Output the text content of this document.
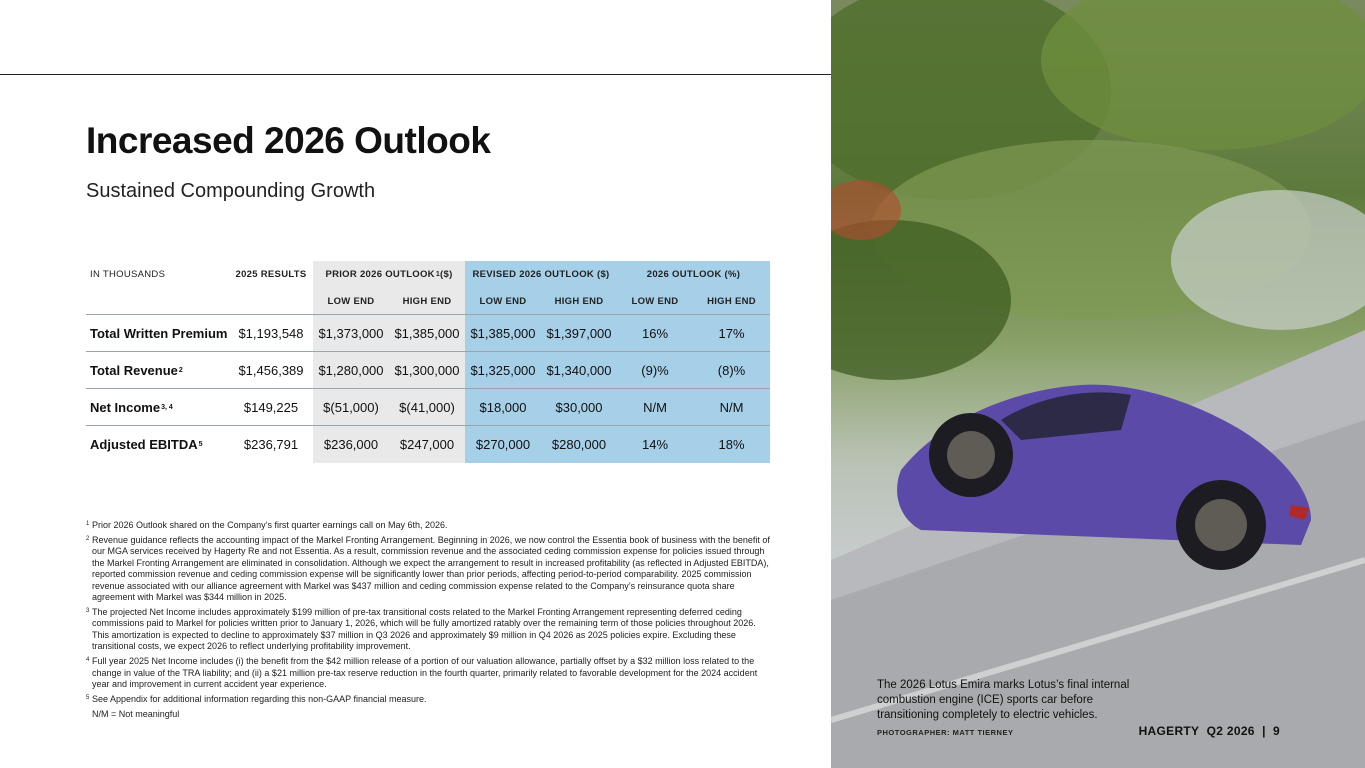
Increased 2026 Outlook
Sustained Compounding Growth
IN THOUSANDS	2025 RESULTS	PRIOR 2026 OUTLOOK 1 ($)	REVISED 2026 OUTLOOK ($)	2026 OUTLOOK (%)
LOW END	HIGH END	LOW END	HIGH END	LOW END	HIGH END
Total Written Premium $1,193,548	$1,373,000 $1,385,000 $1,385,000 $1,397,000	16%	17%
Total Revenue 2	$1,456,389	$1,280,000 $1,300,000 $1,325,000 $1,340,000	(9)%	(8)%
Net Income 3, 4	$149,225	$(51,000)	$(41,000)	$18,000	$30,000	N/M	N/M
Adjusted EBITDA 5	$236,791	$236,000	$247,000	$270,000	$280,000	14%	18%
1 Prior 2026 Outlook shared on the Company’s first quarter earnings call on May 6th, 2026.
2 Revenue guidance reflects the accounting impact of the Markel Fronting Arrangement. Beginning in 2026, we now control the Essentia book of business with the benefit of our MGA services received by Hagerty Re and not Essentia. As a result, commission revenue and the associated ceding commission expense for policies issued through the Markel Fronting Arrangement are eliminated in consolidation. Although we expect the arrangement to result in increased profitability (as reflected in Adjusted EBITDA), reported commission revenue and ceding commission expense will be significantly lower than prior periods, affecting period-to-period comparability. 2025 commission revenue associated with our alliance agreement with Markel was $437 million and ceding commission expense related to the Company’s reinsurance quota share agreement with Markel was $344 million in 2025.
3 The projected Net Income includes approximately $199 million of pre-tax transitional costs related to the Markel Fronting Arrangement representing deferred ceding commissions paid to Markel for policies written prior to January 1, 2026, which will be fully amortized ratably over the remaining term of those policies throughout 2026. This amortization is expected to decline to approximately $37 million in Q3 2026 and approximately $9 million in Q4 2026 as 2025 policies expire. Excluding these transitional costs, we expect 2026 to reflect underlying profitability improvement.
4 Full year 2025 Net Income includes (i) the benefit from the $42 million release of a portion of our valuation allowance, partially offset by a $32 million loss related to the change in value of the TRA liability; and (ii) a $21 million pre-tax reserve reduction in the fourth quarter, primarily related to favorable development for the 2024 accident year and improvement in current accident year experience.
5 See Appendix for additional information regarding this non-GAAP financial measure.
N/M = Not meaningful
The 2026 Lotus Emira marks Lotus’s final internal combustion engine (ICE) sports car before transitioning completely to electric vehicles.
PHOTOGRAPHER: MATT TIERNEY	HAGERTY Q2 2026 | 9
